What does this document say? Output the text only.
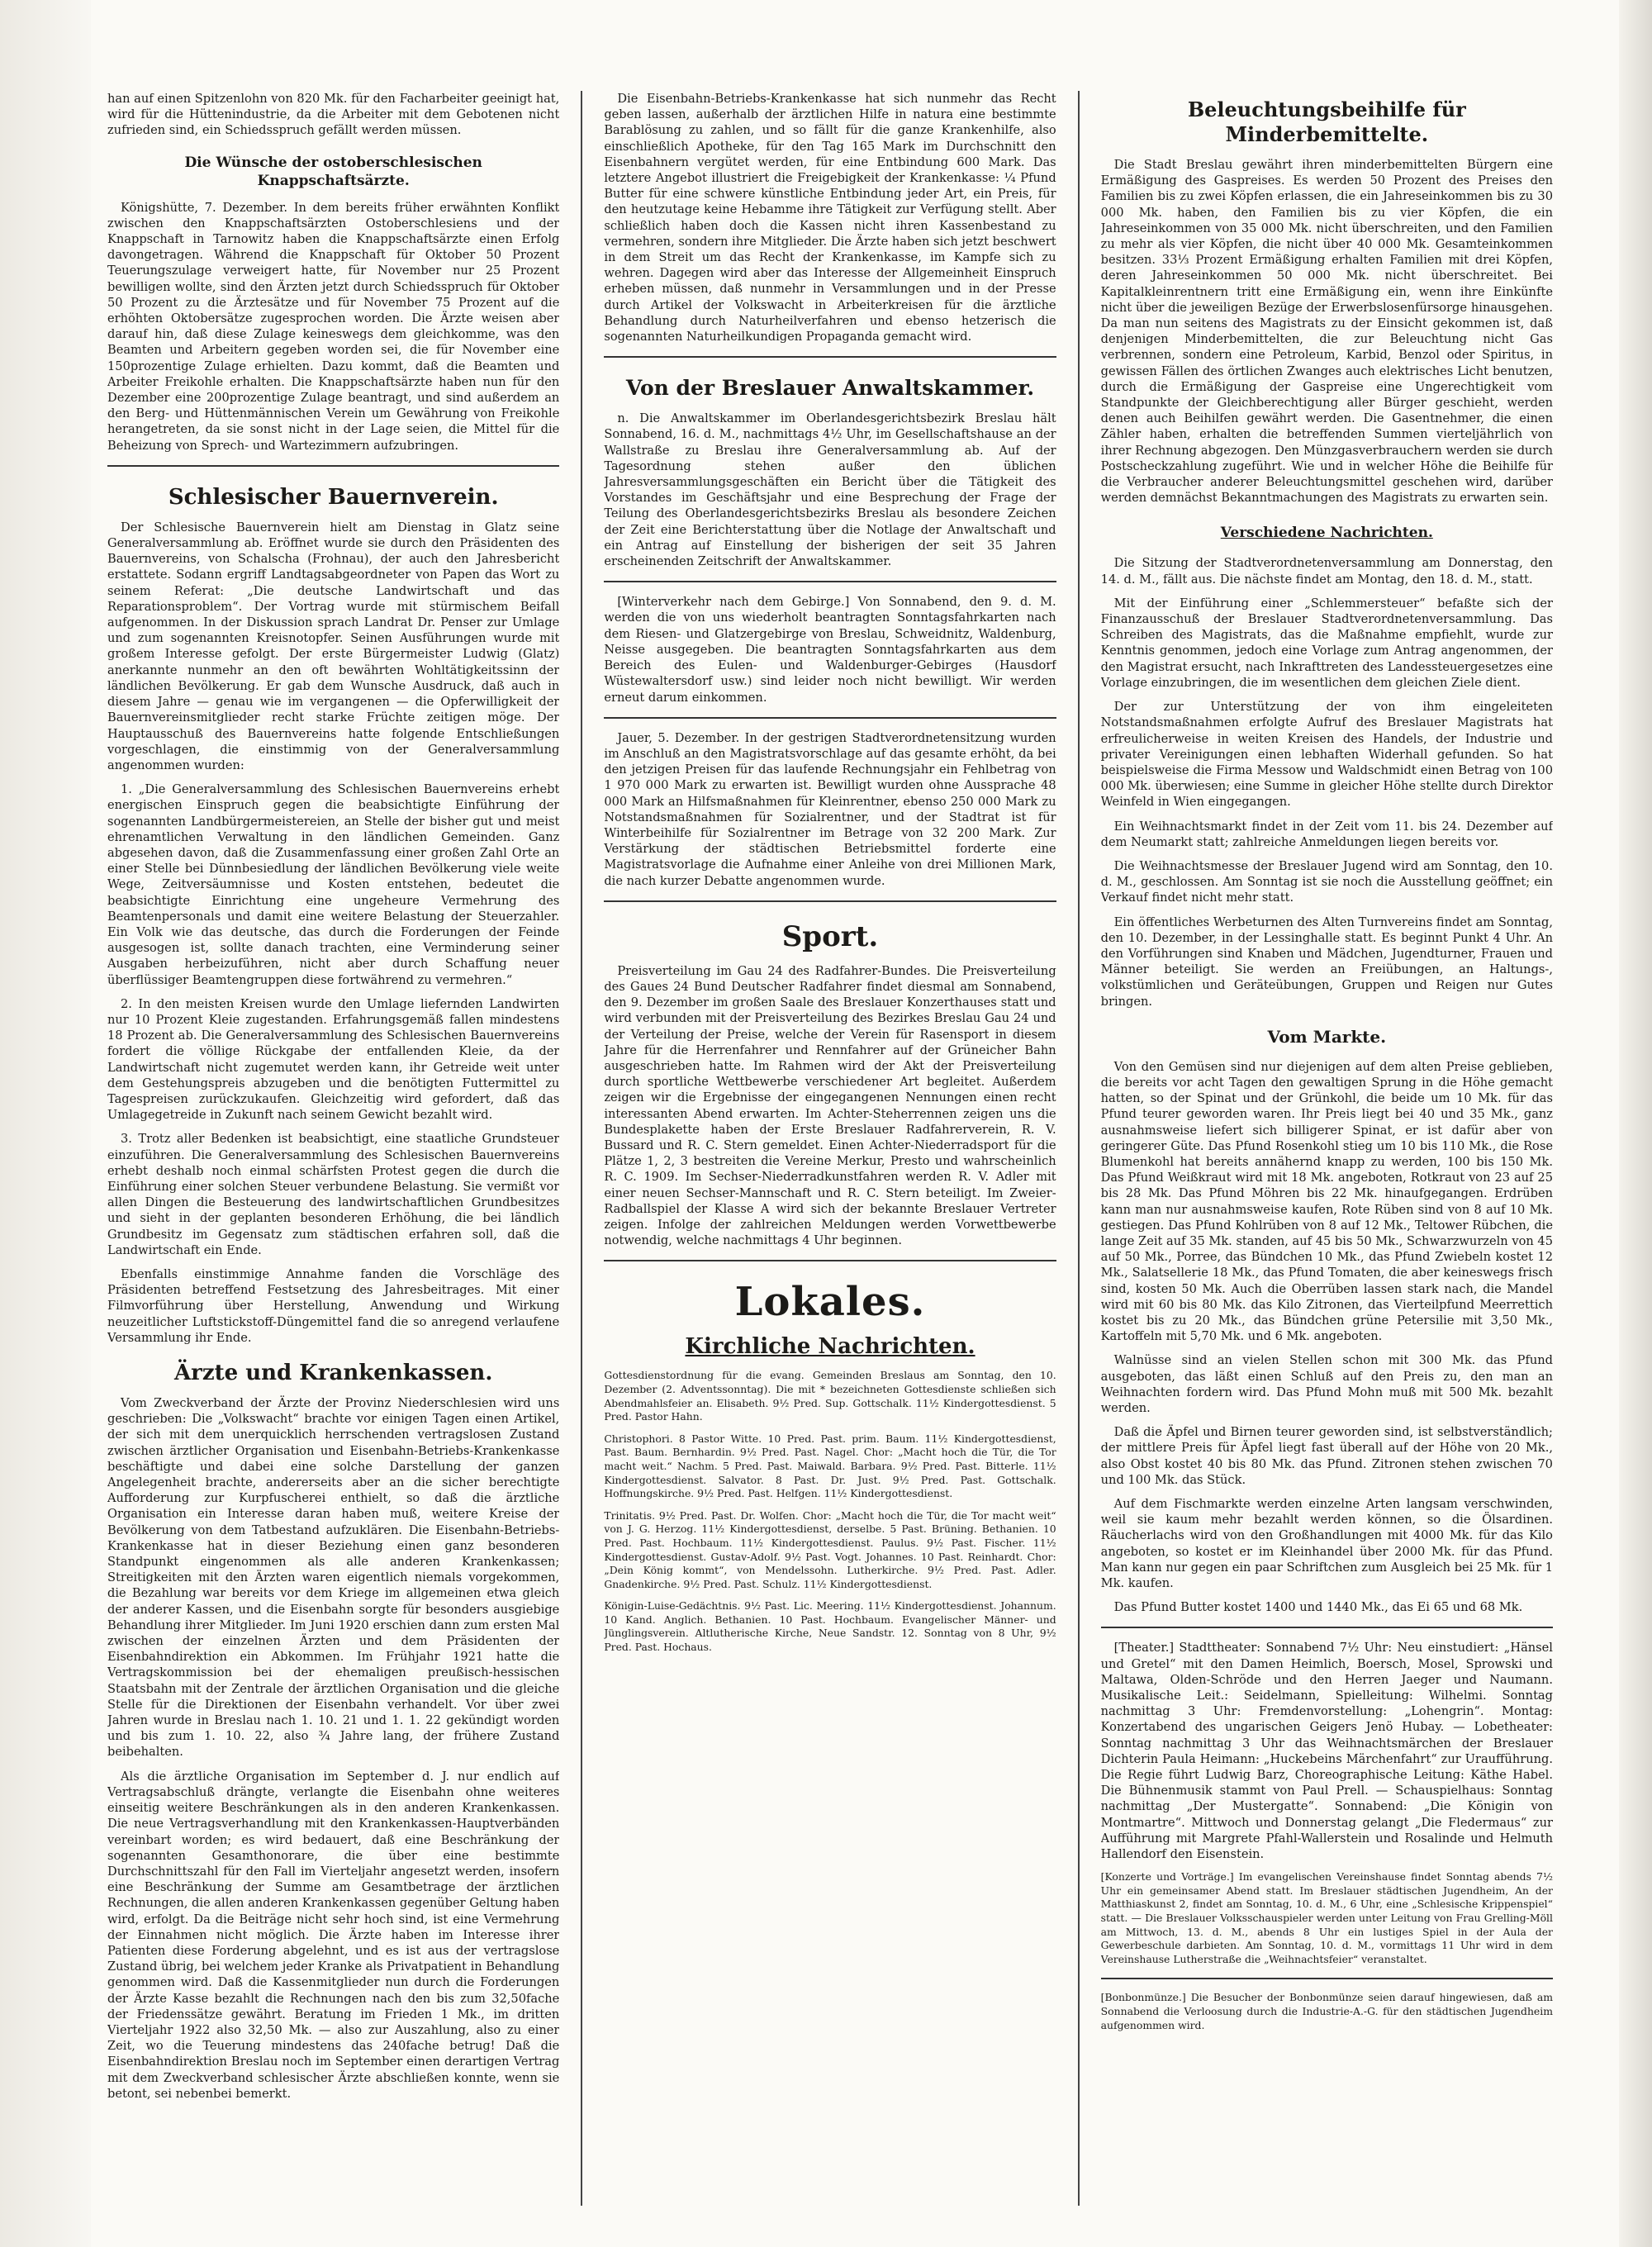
han auf einen Spitzenlohn von 820 Mk. für den Facharbeiter geeinigt hat, wird für die Hüttenindustrie, da die Arbeiter mit dem Gebotenen nicht zufrieden sind, ein Schiedsspruch gefällt werden müssen.

Die Wünsche der ostoberschlesischen Knappschaftsärzte.

Königshütte, 7. Dezember. In dem bereits früher erwähnten Konflikt zwischen den Knappschaftsärzten Ostoberschlesiens und der Knappschaft in Tarnowitz haben die Knappschaftsärzte einen Erfolg davongetragen. Während die Knappschaft für Oktober 50 Prozent Teuerungszulage verweigert hatte, für November nur 25 Prozent bewilligen wollte, sind den Ärzten jetzt durch Schiedsspruch für Oktober 50 Prozent zu die Ärztesätze und für November 75 Prozent auf die erhöhten Oktobersätze zugesprochen worden. Die Ärzte weisen aber darauf hin, daß diese Zulage keineswegs dem gleichkomme, was den Beamten und Arbeitern gegeben worden sei, die für November eine 150prozentige Zulage erhielten. Dazu kommt, daß die Beamten und Arbeiter Freikohle erhalten. Die Knappschaftsärzte haben nun für den Dezember eine 200prozentige Zulage beantragt, und sind außerdem an den Berg- und Hüttenmännischen Verein um Gewährung von Freikohle herangetreten, da sie sonst nicht in der Lage seien, die Mittel für die Beheizung von Sprech- und Wartezimmern aufzubringen.

Schlesischer Bauernverein.

Der Schlesische Bauernverein hielt am Dienstag in Glatz seine Generalversammlung ab. Eröffnet wurde sie durch den Präsidenten des Bauernvereins, von Schalscha (Frohnau), der auch den Jahresbericht erstattete. Sodann ergriff Landtagsabgeordneter von Papen das Wort zu seinem Referat: „Die deutsche Landwirtschaft und das Reparationsproblem“. Der Vortrag wurde mit stürmischem Beifall aufgenommen. In der Diskussion sprach Landrat Dr. Penser zur Umlage und zum sogenannten Kreisnotopfer. Seinen Ausführungen wurde mit großem Interesse gefolgt. Der erste Bürgermeister Ludwig (Glatz) anerkannte nunmehr an den oft bewährten Wohltätigkeitssinn der ländlichen Bevölkerung. Er gab dem Wunsche Ausdruck, daß auch in diesem Jahre — genau wie im vergangenen — die Opferwilligkeit der Bauernvereinsmitglieder recht starke Früchte zeitigen möge. Der Hauptausschuß des Bauernvereins hatte folgende Entschließungen vorgeschlagen, die einstimmig von der Generalversammlung angenommen wurden:

1. „Die Generalversammlung des Schlesischen Bauernvereins erhebt energischen Einspruch gegen die beabsichtigte Einführung der sogenannten Landbürgermeistereien, an Stelle der bisher gut und meist ehrenamtlichen Verwaltung in den ländlichen Gemeinden. Ganz abgesehen davon, daß die Zusammenfassung einer großen Zahl Orte an einer Stelle bei Dünnbesiedlung der ländlichen Bevölkerung viele weite Wege, Zeitversäumnisse und Kosten entstehen, bedeutet die beabsichtigte Einrichtung eine ungeheure Vermehrung des Beamtenpersonals und damit eine weitere Belastung der Steuerzahler. Ein Volk wie das deutsche, das durch die Forderungen der Feinde ausgesogen ist, sollte danach trachten, eine Verminderung seiner Ausgaben herbeizuführen, nicht aber durch Schaffung neuer überflüssiger Beamtengruppen diese fortwährend zu vermehren.“

2. In den meisten Kreisen wurde den Umlage liefernden Landwirten nur 10 Prozent Kleie zugestanden. Erfahrungsgemäß fallen mindestens 18 Prozent ab. Die Generalversammlung des Schlesischen Bauernvereins fordert die völlige Rückgabe der entfallenden Kleie, da der Landwirtschaft nicht zugemutet werden kann, ihr Getreide weit unter dem Gestehungspreis abzugeben und die benötigten Futtermittel zu Tagespreisen zurückzukaufen. Gleichzeitig wird gefordert, daß das Umlagegetreide in Zukunft nach seinem Gewicht bezahlt wird.

3. Trotz aller Bedenken ist beabsichtigt, eine staatliche Grundsteuer einzuführen. Die Generalversammlung des Schlesischen Bauernvereins erhebt deshalb noch einmal schärfsten Protest gegen die durch die Einführung einer solchen Steuer verbundene Belastung. Sie vermißt vor allen Dingen die Besteuerung des landwirtschaftlichen Grundbesitzes und sieht in der geplanten besonderen Erhöhung, die bei ländlich Grundbesitz im Gegensatz zum städtischen erfahren soll, daß die Landwirtschaft ein Ende.

Ebenfalls einstimmige Annahme fanden die Vorschläge des Präsidenten betreffend Festsetzung des Jahresbeitrages. Mit einer Filmvorführung über Herstellung, Anwendung und Wirkung neuzeitlicher Luftstickstoff-Düngemittel fand die so anregend verlaufene Versammlung ihr Ende.

Ärzte und Krankenkassen.

Vom Zweckverband der Ärzte der Provinz Niederschlesien wird uns geschrieben: Die „Volkswacht“ brachte vor einigen Tagen einen Artikel, der sich mit dem unerquicklich herrschenden vertragslosen Zustand zwischen ärztlicher Organisation und Eisenbahn-Betriebs-Krankenkasse beschäftigte und dabei eine solche Darstellung der ganzen Angelegenheit brachte, andererseits aber an die sicher berechtigte Aufforderung zur Kurpfuscherei enthielt, so daß die ärztliche Organisation ein Interesse daran haben muß, weitere Kreise der Bevölkerung von dem Tatbestand aufzuklären. Die Eisenbahn-Betriebs-Krankenkasse hat in dieser Beziehung einen ganz besonderen Standpunkt eingenommen als alle anderen Krankenkassen; Streitigkeiten mit den Ärzten waren eigentlich niemals vorgekommen, die Bezahlung war bereits vor dem Kriege im allgemeinen etwa gleich der anderer Kassen, und die Eisenbahn sorgte für besonders ausgiebige Behandlung ihrer Mitglieder. Im Juni 1920 erschien dann zum ersten Mal zwischen der einzelnen Ärzten und dem Präsidenten der Eisenbahndirektion ein Abkommen. Im Frühjahr 1921 hatte die Vertragskommission bei der ehemaligen preußisch-hessischen Staatsbahn mit der Zentrale der ärztlichen Organisation und die gleiche Stelle für die Direktionen der Eisenbahn verhandelt. Vor über zwei Jahren wurde in Breslau nach 1. 10. 21 und 1. 1. 22 gekündigt worden und bis zum 1. 10. 22, also ¾ Jahre lang, der frühere Zustand beibehalten.

Als die ärztliche Organisation im September d. J. nur endlich auf Vertragsabschluß drängte, verlangte die Eisenbahn ohne weiteres einseitig weitere Beschränkungen als in den anderen Krankenkassen. Die neue Vertragsverhandlung mit den Krankenkassen-Hauptverbänden vereinbart worden; es wird bedauert, daß eine Beschränkung der sogenannten Gesamthonorare, die über eine bestimmte Durchschnittszahl für den Fall im Vierteljahr angesetzt werden, insofern eine Beschränkung der Summe am Gesamtbetrage der ärztlichen Rechnungen, die allen anderen Krankenkassen gegenüber Geltung haben wird, erfolgt. Da die Beiträge nicht sehr hoch sind, ist eine Vermehrung der Einnahmen nicht möglich. Die Ärzte haben im Interesse ihrer Patienten diese Forderung abgelehnt, und es ist aus der vertragslose Zustand übrig, bei welchem jeder Kranke als Privatpatient in Behandlung genommen wird. Daß die Kassenmitglieder nun durch die Forderungen der Ärzte Kasse bezahlt die Rechnungen nach den bis zum 32,50fache der Friedenssätze gewährt. Beratung im Frieden 1 Mk., im dritten Vierteljahr 1922 also 32,50 Mk. — also zur Auszahlung, also zu einer Zeit, wo die Teuerung mindestens das 240fache betrug! Daß die Eisenbahndirektion Breslau noch im September einen derartigen Vertrag mit dem Zweckverband schlesischer Ärzte abschließen konnte, wenn sie betont, sei nebenbei bemerkt.

Die Eisenbahn-Betriebs-Krankenkasse hat sich nunmehr das Recht geben lassen, außerhalb der ärztlichen Hilfe in natura eine bestimmte Barablösung zu zahlen, und so fällt für die ganze Krankenhilfe, also einschließlich Apotheke, für den Tag 165 Mark im Durchschnitt den Eisenbahnern vergütet werden, für eine Entbindung 600 Mark. Das letztere Angebot illustriert die Freigebigkeit der Krankenkasse: ¼ Pfund Butter für eine schwere künstliche Entbindung jeder Art, ein Preis, für den heutzutage keine Hebamme ihre Tätigkeit zur Verfügung stellt. Aber schließlich haben doch die Kassen nicht ihren Kassenbestand zu vermehren, sondern ihre Mitglieder. Die Ärzte haben sich jetzt beschwert in dem Streit um das Recht der Krankenkasse, im Kampfe sich zu wehren. Dagegen wird aber das Interesse der Allgemeinheit Einspruch erheben müssen, daß nunmehr in Versammlungen und in der Presse durch Artikel der Volkswacht in Arbeiterkreisen für die ärztliche Behandlung durch Naturheilverfahren und ebenso hetzerisch die sogenannten Naturheilkundigen Propaganda gemacht wird.

Von der Breslauer Anwaltskammer.

n. Die Anwaltskammer im Oberlandesgerichtsbezirk Breslau hält Sonnabend, 16. d. M., nachmittags 4½ Uhr, im Gesellschaftshause an der Wallstraße zu Breslau ihre Generalversammlung ab. Auf der Tagesordnung stehen außer den üblichen Jahresversammlungsgeschäften ein Bericht über die Tätigkeit des Vorstandes im Geschäftsjahr und eine Besprechung der Frage der Teilung des Oberlandesgerichtsbezirks Breslau als besondere Zeichen der Zeit eine Berichterstattung über die Notlage der Anwaltschaft und ein Antrag auf Einstellung der bisherigen der seit 35 Jahren erscheinenden Zeitschrift der Anwaltskammer.

[Winterverkehr nach dem Gebirge.] Von Sonnabend, den 9. d. M. werden die von uns wiederholt beantragten Sonntagsfahrkarten nach dem Riesen- und Glatzergebirge von Breslau, Schweidnitz, Waldenburg, Neisse ausgegeben. Die beantragten Sonntagsfahrkarten aus dem Bereich des Eulen- und Waldenburger-Gebirges (Hausdorf Wüstewaltersdorf usw.) sind leider noch nicht bewilligt. Wir werden erneut darum einkommen.

Jauer, 5. Dezember. In der gestrigen Stadtverordnetensitzung wurden im Anschluß an den Magistratsvorschlage auf das gesamte erhöht, da bei den jetzigen Preisen für das laufende Rechnungsjahr ein Fehlbetrag von 1 970 000 Mark zu erwarten ist. Bewilligt wurden ohne Aussprache 48 000 Mark an Hilfsmaßnahmen für Kleinrentner, ebenso 250 000 Mark zu Notstandsmaßnahmen für Sozialrentner, und der Stadtrat ist für Winterbeihilfe für Sozialrentner im Betrage von 32 200 Mark. Zur Verstärkung der städtischen Betriebsmittel forderte eine Magistratsvorlage die Aufnahme einer Anleihe von drei Millionen Mark, die nach kurzer Debatte angenommen wurde.

Sport.

Preisverteilung im Gau 24 des Radfahrer-Bundes. Die Preisverteilung des Gaues 24 Bund Deutscher Radfahrer findet diesmal am Sonnabend, den 9. Dezember im großen Saale des Breslauer Konzerthauses statt und wird verbunden mit der Preisverteilung des Bezirkes Breslau Gau 24 und der Verteilung der Preise, welche der Verein für Rasensport in diesem Jahre für die Herrenfahrer und Rennfahrer auf der Grüneicher Bahn ausgeschrieben hatte. Im Rahmen wird der Akt der Preisverteilung durch sportliche Wettbewerbe verschiedener Art begleitet. Außerdem zeigen wir die Ergebnisse der eingegangenen Nennungen einen recht interessanten Abend erwarten. Im Achter-Steherrennen zeigen uns die Bundesplakette haben der Erste Breslauer Radfahrerverein, R. V. Bussard und R. C. Stern gemeldet. Einen Achter-Niederradsport für die Plätze 1, 2, 3 bestreiten die Vereine Merkur, Presto und wahrscheinlich R. C. 1909. Im Sechser-Niederradkunstfahren werden R. V. Adler mit einer neuen Sechser-Mannschaft und R. C. Stern beteiligt. Im Zweier-Radballspiel der Klasse A wird sich der bekannte Breslauer Vertreter zeigen. Infolge der zahlreichen Meldungen werden Vorwettbewerbe notwendig, welche nachmittags 4 Uhr beginnen.

Lokales.
Kirchliche Nachrichten.

Gottesdienstordnung für die evang. Gemeinden Breslaus am Sonntag, den 10. Dezember (2. Adventssonntag). Die mit * bezeichneten Gottesdienste schließen sich Abendmahlsfeier an. Elisabeth. 9½ Pred. Sup. Gottschalk. 11½ Kindergottesdienst. 5 Pred. Pastor Hahn.

Christophori. 8 Pastor Witte. 10 Pred. Past. prim. Baum. 11½ Kindergottesdienst, Past. Baum. Bernhardin. 9½ Pred. Past. Nagel. Chor: „Macht hoch die Tür, die Tor macht weit.“ Nachm. 5 Pred. Past. Maiwald. Barbara. 9½ Pred. Past. Bitterle. 11½ Kindergottesdienst. Salvator. 8 Past. Dr. Just. 9½ Pred. Past. Gottschalk. Hoffnungskirche. 9½ Pred. Past. Helfgen. 11½ Kindergottesdienst.

Trinitatis. 9½ Pred. Past. Dr. Wolfen. Chor: „Macht hoch die Tür, die Tor macht weit“ von J. G. Herzog. 11½ Kindergottesdienst, derselbe. 5 Past. Brüning. Bethanien. 10 Pred. Past. Hochbaum. 11½ Kindergottesdienst. Paulus. 9½ Past. Fischer. 11½ Kindergottesdienst. Gustav-Adolf. 9½ Past. Vogt. Johannes. 10 Past. Reinhardt. Chor: „Dein König kommt“, von Mendelssohn. Lutherkirche. 9½ Pred. Past. Adler. Gnadenkirche. 9½ Pred. Past. Schulz. 11½ Kindergottesdienst.

Königin-Luise-Gedächtnis. 9½ Past. Lic. Meering. 11½ Kindergottesdienst. Johannum. 10 Kand. Anglich. Bethanien. 10 Past. Hochbaum. Evangelischer Männer- und Jünglingsverein. Altlutherische Kirche, Neue Sandstr. 12. Sonntag von 8 Uhr, 9½ Pred. Past. Hochaus.

Beleuchtungsbeihilfe für Minderbemittelte.

Die Stadt Breslau gewährt ihren minderbemittelten Bürgern eine Ermäßigung des Gaspreises. Es werden 50 Prozent des Preises den Familien bis zu zwei Köpfen erlassen, die ein Jahreseinkommen bis zu 30 000 Mk. haben, den Familien bis zu vier Köpfen, die ein Jahreseinkommen von 35 000 Mk. nicht überschreiten, und den Familien zu mehr als vier Köpfen, die nicht über 40 000 Mk. Gesamteinkommen besitzen. 33⅓ Prozent Ermäßigung erhalten Familien mit drei Köpfen, deren Jahreseinkommen 50 000 Mk. nicht überschreitet. Bei Kapitalkleinrentnern tritt eine Ermäßigung ein, wenn ihre Einkünfte nicht über die jeweiligen Bezüge der Erwerbslosenfürsorge hinausgehen. Da man nun seitens des Magistrats zu der Einsicht gekommen ist, daß denjenigen Minderbemittelten, die zur Beleuchtung nicht Gas verbrennen, sondern eine Petroleum, Karbid, Benzol oder Spiritus, in gewissen Fällen des örtlichen Zwanges auch elektrisches Licht benutzen, durch die Ermäßigung der Gaspreise eine Ungerechtigkeit vom Standpunkte der Gleichberechtigung aller Bürger geschieht, werden denen auch Beihilfen gewährt werden. Die Gasentnehmer, die einen Zähler haben, erhalten die betreffenden Summen vierteljährlich von ihrer Rechnung abgezogen. Den Münzgasverbrauchern werden sie durch Postscheckzahlung zugeführt. Wie und in welcher Höhe die Beihilfe für die Verbraucher anderer Beleuchtungsmittel geschehen wird, darüber werden demnächst Bekanntmachungen des Magistrats zu erwarten sein.

Verschiedene Nachrichten.

Die Sitzung der Stadtverordnetenversammlung am Donnerstag, den 14. d. M., fällt aus. Die nächste findet am Montag, den 18. d. M., statt.

Mit der Einführung einer „Schlemmersteuer“ befaßte sich der Finanzausschuß der Breslauer Stadtverordnetenversammlung. Das Schreiben des Magistrats, das die Maßnahme empfiehlt, wurde zur Kenntnis genommen, jedoch eine Vorlage zum Antrag angenommen, der den Magistrat ersucht, nach Inkrafttreten des Landessteuergesetzes eine Vorlage einzubringen, die im wesentlichen dem gleichen Ziele dient.

Der zur Unterstützung der von ihm eingeleiteten Notstandsmaßnahmen erfolgte Aufruf des Breslauer Magistrats hat erfreulicherweise in weiten Kreisen des Handels, der Industrie und privater Vereinigungen einen lebhaften Widerhall gefunden. So hat beispielsweise die Firma Messow und Waldschmidt einen Betrag von 100 000 Mk. überwiesen; eine Summe in gleicher Höhe stellte durch Direktor Weinfeld in Wien eingegangen.

Ein Weihnachtsmarkt findet in der Zeit vom 11. bis 24. Dezember auf dem Neumarkt statt; zahlreiche Anmeldungen liegen bereits vor.

Die Weihnachtsmesse der Breslauer Jugend wird am Sonntag, den 10. d. M., geschlossen. Am Sonntag ist sie noch die Ausstellung geöffnet; ein Verkauf findet nicht mehr statt.

Ein öffentliches Werbeturnen des Alten Turnvereins findet am Sonntag, den 10. Dezember, in der Lessinghalle statt. Es beginnt Punkt 4 Uhr. An den Vorführungen sind Knaben und Mädchen, Jugendturner, Frauen und Männer beteiligt. Sie werden an Freiübungen, an Haltungs-, volkstümlichen und Geräteübungen, Gruppen und Reigen nur Gutes bringen.

Vom Markte.

Von den Gemüsen sind nur diejenigen auf dem alten Preise geblieben, die bereits vor acht Tagen den gewaltigen Sprung in die Höhe gemacht hatten, so der Spinat und der Grünkohl, die beide um 10 Mk. für das Pfund teurer geworden waren. Ihr Preis liegt bei 40 und 35 Mk., ganz ausnahmsweise liefert sich billigerer Spinat, er ist dafür aber von geringerer Güte. Das Pfund Rosenkohl stieg um 10 bis 110 Mk., die Rose Blumenkohl hat bereits annähernd knapp zu werden, 100 bis 150 Mk. Das Pfund Weißkraut wird mit 18 Mk. angeboten, Rotkraut von 23 auf 25 bis 28 Mk. Das Pfund Möhren bis 22 Mk. hinaufgegangen. Erdrüben kann man nur ausnahmsweise kaufen, Rote Rüben sind von 8 auf 10 Mk. gestiegen. Das Pfund Kohlrüben von 8 auf 12 Mk., Teltower Rübchen, die lange Zeit auf 35 Mk. standen, auf 45 bis 50 Mk., Schwarzwurzeln von 45 auf 50 Mk., Porree, das Bündchen 10 Mk., das Pfund Zwiebeln kostet 12 Mk., Salatsellerie 18 Mk., das Pfund Tomaten, die aber keineswegs frisch sind, kosten 50 Mk. Auch die Oberrüben lassen stark nach, die Mandel wird mit 60 bis 80 Mk. das Kilo Zitronen, das Vierteilpfund Meerrettich kostet bis zu 20 Mk., das Bündchen grüne Petersilie mit 3,50 Mk., Kartoffeln mit 5,70 Mk. und 6 Mk. angeboten.

Walnüsse sind an vielen Stellen schon mit 300 Mk. das Pfund ausgeboten, das läßt einen Schluß auf den Preis zu, den man an Weihnachten fordern wird. Das Pfund Mohn muß mit 500 Mk. bezahlt werden.

Daß die Äpfel und Birnen teurer geworden sind, ist selbstverständlich; der mittlere Preis für Äpfel liegt fast überall auf der Höhe von 20 Mk., also Obst kostet 40 bis 80 Mk. das Pfund. Zitronen stehen zwischen 70 und 100 Mk. das Stück.

Auf dem Fischmarkte werden einzelne Arten langsam verschwinden, weil sie kaum mehr bezahlt werden können, so die Ölsardinen. Räucherlachs wird von den Großhandlungen mit 4000 Mk. für das Kilo angeboten, so kostet er im Kleinhandel über 2000 Mk. für das Pfund. Man kann nur gegen ein paar Schriftchen zum Ausgleich bei 25 Mk. für 1 Mk. kaufen.

Das Pfund Butter kostet 1400 und 1440 Mk., das Ei 65 und 68 Mk.

[Theater.] Stadttheater: Sonnabend 7½ Uhr: Neu einstudiert: „Hänsel und Gretel“ mit den Damen Heimlich, Boersch, Mosel, Sprowski und Maltawa, Olden-Schröde und den Herren Jaeger und Naumann. Musikalische Leit.: Seidelmann, Spielleitung: Wilhelmi. Sonntag nachmittag 3 Uhr: Fremdenvorstellung: „Lohengrin“. Montag: Konzertabend des ungarischen Geigers Jenö Hubay. — Lobetheater: Sonntag nachmittag 3 Uhr das Weihnachtsmärchen der Breslauer Dichterin Paula Heimann: „Huckebeins Märchenfahrt“ zur Uraufführung. Die Regie führt Ludwig Barz, Choreographische Leitung: Käthe Habel. Die Bühnenmusik stammt von Paul Prell. — Schauspielhaus: Sonntag nachmittag „Der Mustergatte“. Sonnabend: „Die Königin von Montmartre“. Mittwoch und Donnerstag gelangt „Die Fledermaus“ zur Aufführung mit Margrete Pfahl-Wallerstein und Rosalinde und Helmuth Hallendorf den Eisenstein.

[Konzerte und Vorträge.] Im evangelischen Vereinshause findet Sonntag abends 7½ Uhr ein gemeinsamer Abend statt. Im Breslauer städtischen Jugendheim, An der Matthiaskunst 2, findet am Sonntag, 10. d. M., 6 Uhr, eine „Schlesische Krippenspiel“ statt. — Die Breslauer Volksschauspieler werden unter Leitung von Frau Grelling-Möll am Mittwoch, 13. d. M., abends 8 Uhr ein lustiges Spiel in der Aula der Gewerbeschule darbieten. Am Sonntag, 10. d. M., vormittags 11 Uhr wird in dem Vereinshause Lutherstraße die „Weihnachtsfeier“ veranstaltet.

[Bonbonmünze.] Die Besucher der Bonbonmünze seien darauf hingewiesen, daß am Sonnabend die Verloosung durch die Industrie-A.-G. für den städtischen Jugendheim aufgenommen wird.
